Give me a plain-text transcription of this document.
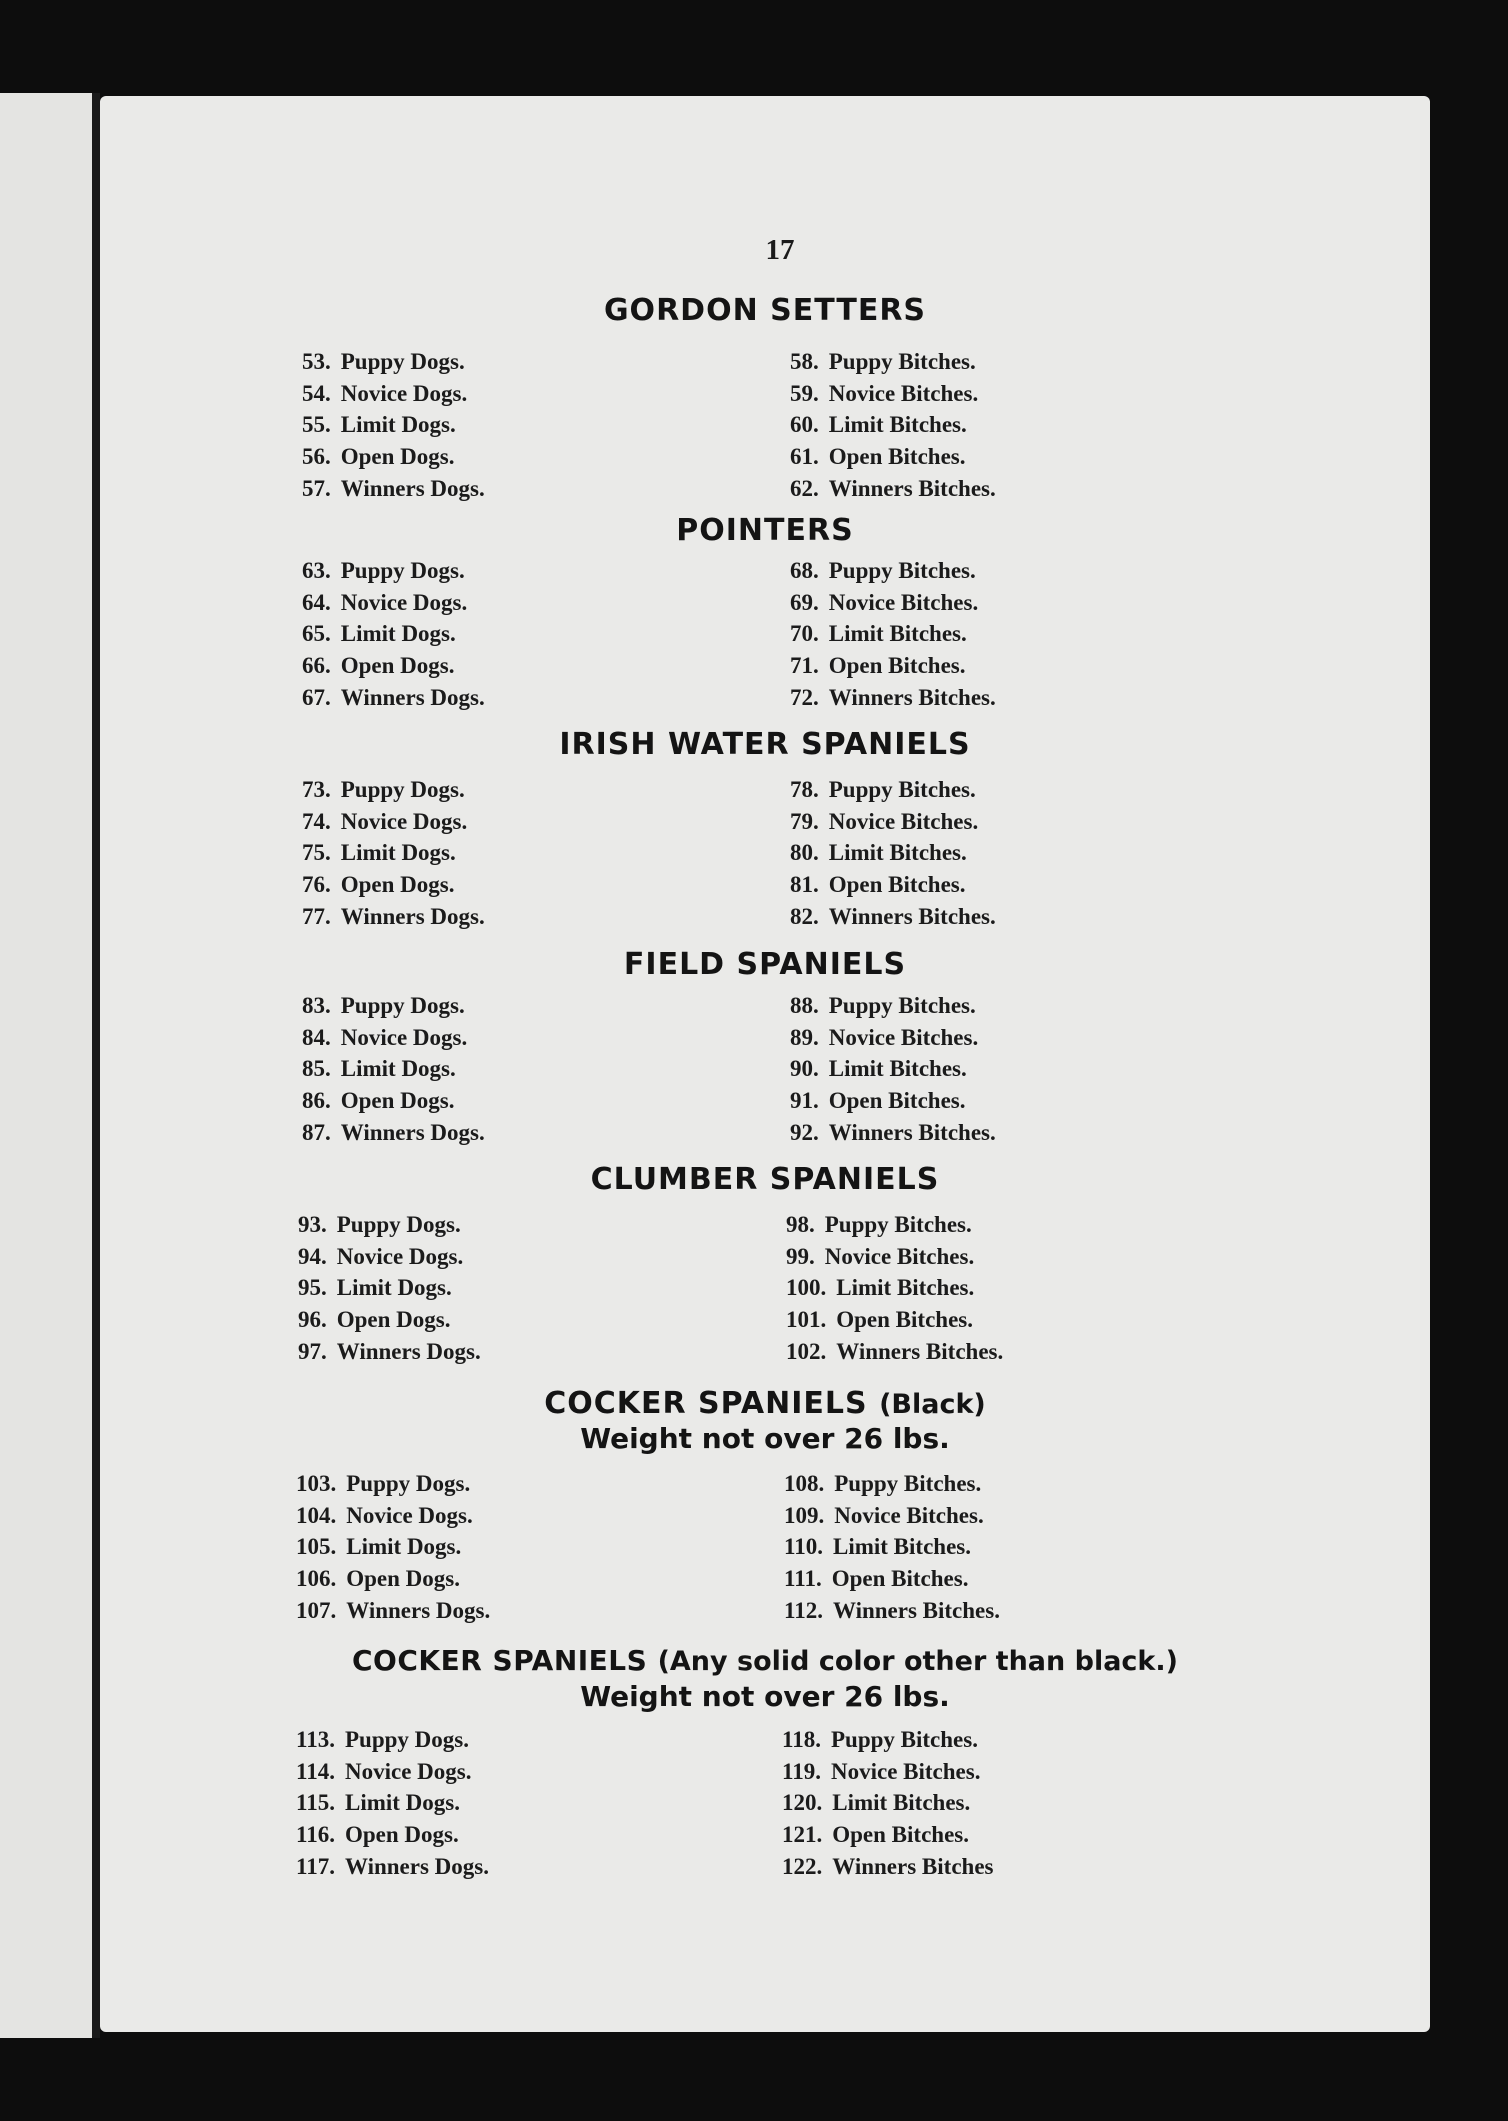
17
GORDON SETTERS
53. Puppy Dogs.
54. Novice Dogs.
55. Limit Dogs.
56. Open Dogs.
57. Winners Dogs.
58. Puppy Bitches.
59. Novice Bitches.
60. Limit Bitches.
61. Open Bitches.
62. Winners Bitches.
POINTERS
63. Puppy Dogs.
64. Novice Dogs.
65. Limit Dogs.
66. Open Dogs.
67. Winners Dogs.
68. Puppy Bitches.
69. Novice Bitches.
70. Limit Bitches.
71. Open Bitches.
72. Winners Bitches.
IRISH WATER SPANIELS
73. Puppy Dogs.
74. Novice Dogs.
75. Limit Dogs.
76. Open Dogs.
77. Winners Dogs.
78. Puppy Bitches.
79. Novice Bitches.
80. Limit Bitches.
81. Open Bitches.
82. Winners Bitches.
FIELD SPANIELS
83. Puppy Dogs.
84. Novice Dogs.
85. Limit Dogs.
86. Open Dogs.
87. Winners Dogs.
88. Puppy Bitches.
89. Novice Bitches.
90. Limit Bitches.
91. Open Bitches.
92. Winners Bitches.
CLUMBER SPANIELS
93. Puppy Dogs.
94. Novice Dogs.
95. Limit Dogs.
96. Open Dogs.
97. Winners Dogs.
98. Puppy Bitches.
99. Novice Bitches.
100. Limit Bitches.
101. Open Bitches.
102. Winners Bitches.
COCKER SPANIELS (Black)
Weight not over 26 lbs.
103. Puppy Dogs.
104. Novice Dogs.
105. Limit Dogs.
106. Open Dogs.
107. Winners Dogs.
108. Puppy Bitches.
109. Novice Bitches.
110. Limit Bitches.
111. Open Bitches.
112. Winners Bitches.
COCKER SPANIELS (Any solid color other than black.)
Weight not over 26 lbs.
113. Puppy Dogs.
114. Novice Dogs.
115. Limit Dogs.
116. Open Dogs.
117. Winners Dogs.
118. Puppy Bitches.
119. Novice Bitches.
120. Limit Bitches.
121. Open Bitches.
122. Winners Bitches
